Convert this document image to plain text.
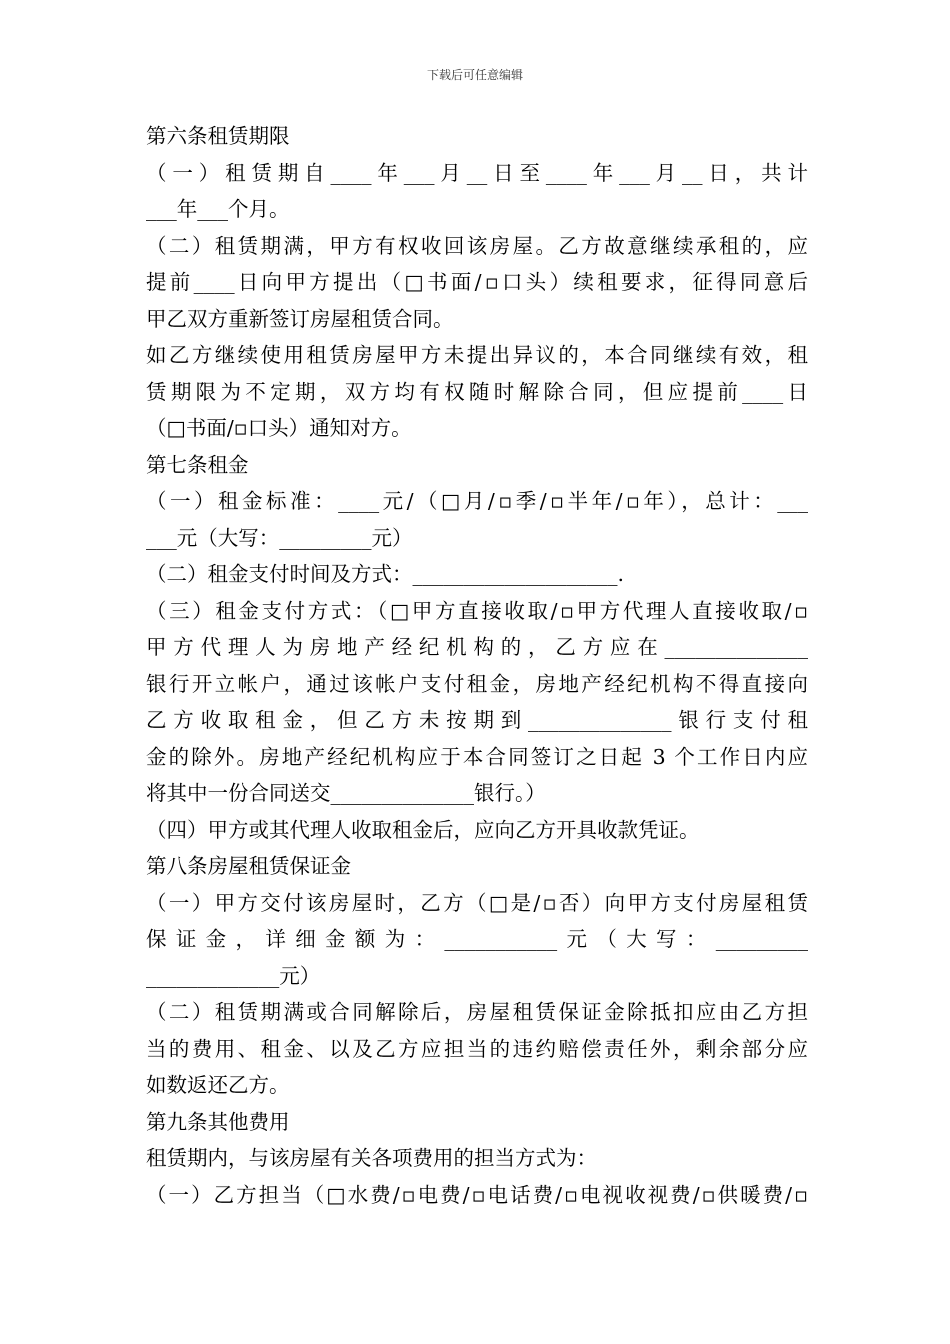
下载后可任意编辑
第六条租赁期限
（一）租赁期自____年___月__日至____年___月__日，共计
___年___个月。
（二）租赁期满，甲方有权收回该房屋。乙方故意继续承租的，应
提前____日向甲方提出（□书面/▫口头）续租要求，征得同意后
甲乙双方重新签订房屋租赁合同。
如乙方继续使用租赁房屋甲方未提出异议的，本合同继续有效，租
赁期限为不定期，双方均有权随时解除合同，但应提前____日
（□书面/▫口头）通知对方。
第七条租金
（一）租金标准：____元/（□月/▫季/▫半年/▫年），总计：___
___元（大写：_________元）
（二）租金支付时间及方式：____________________.
（三）租金支付方式：（□甲方直接收取/▫甲方代理人直接收取/▫
甲方代理人为房地产经纪机构的，乙方应在______________
银行开立帐户，通过该帐户支付租金，房地产经纪机构不得直接向
乙方收取租金，但乙方未按期到______________银行支付租
金的除外。房地产经纪机构应于本合同签订之日起 3 个工作日内应
将其中一份合同送交______________银行。）
（四）甲方或其代理人收取租金后，应向乙方开具收款凭证。
第八条房屋租赁保证金
（一）甲方交付该房屋时，乙方（□是/▫否）向甲方支付房屋租赁
保证金，详细金额为：___________元（大写：_________
_____________元）
（二）租赁期满或合同解除后，房屋租赁保证金除抵扣应由乙方担
当的费用、租金、以及乙方应担当的违约赔偿责任外，剩余部分应
如数返还乙方。
第九条其他费用
租赁期内，与该房屋有关各项费用的担当方式为：
（一）乙方担当（□水费/▫电费/▫电话费/▫电视收视费/▫供暖费/▫
